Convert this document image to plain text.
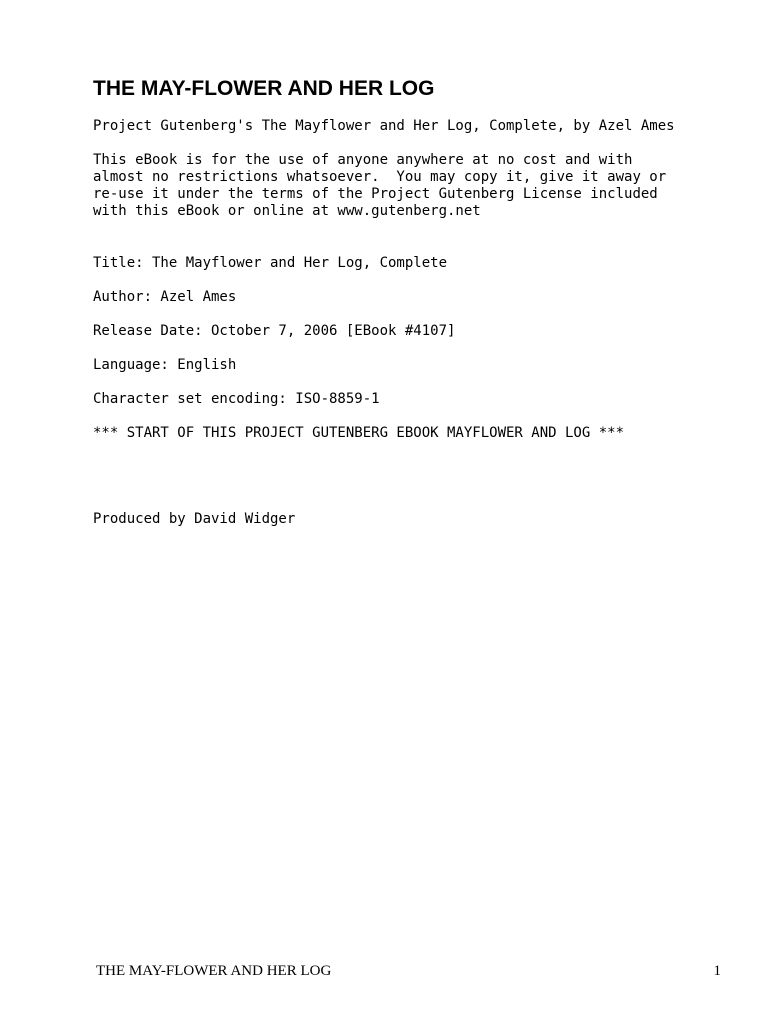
THE MAY-FLOWER AND HER LOG

Project Gutenberg's The Mayflower and Her Log, Complete, by Azel Ames

This eBook is for the use of anyone anywhere at no cost and with

almost no restrictions whatsoever.  You may copy it, give it away or

re-use it under the terms of the Project Gutenberg License included

with this eBook or online at www.gutenberg.net

Title: The Mayflower and Her Log, Complete

Author: Azel Ames

Release Date: October 7, 2006 [EBook #4107]

Language: English

Character set encoding: ISO-8859-1

*** START OF THIS PROJECT GUTENBERG EBOOK MAYFLOWER AND LOG ***

Produced by David Widger

THE MAY-FLOWER AND HER LOG	1
